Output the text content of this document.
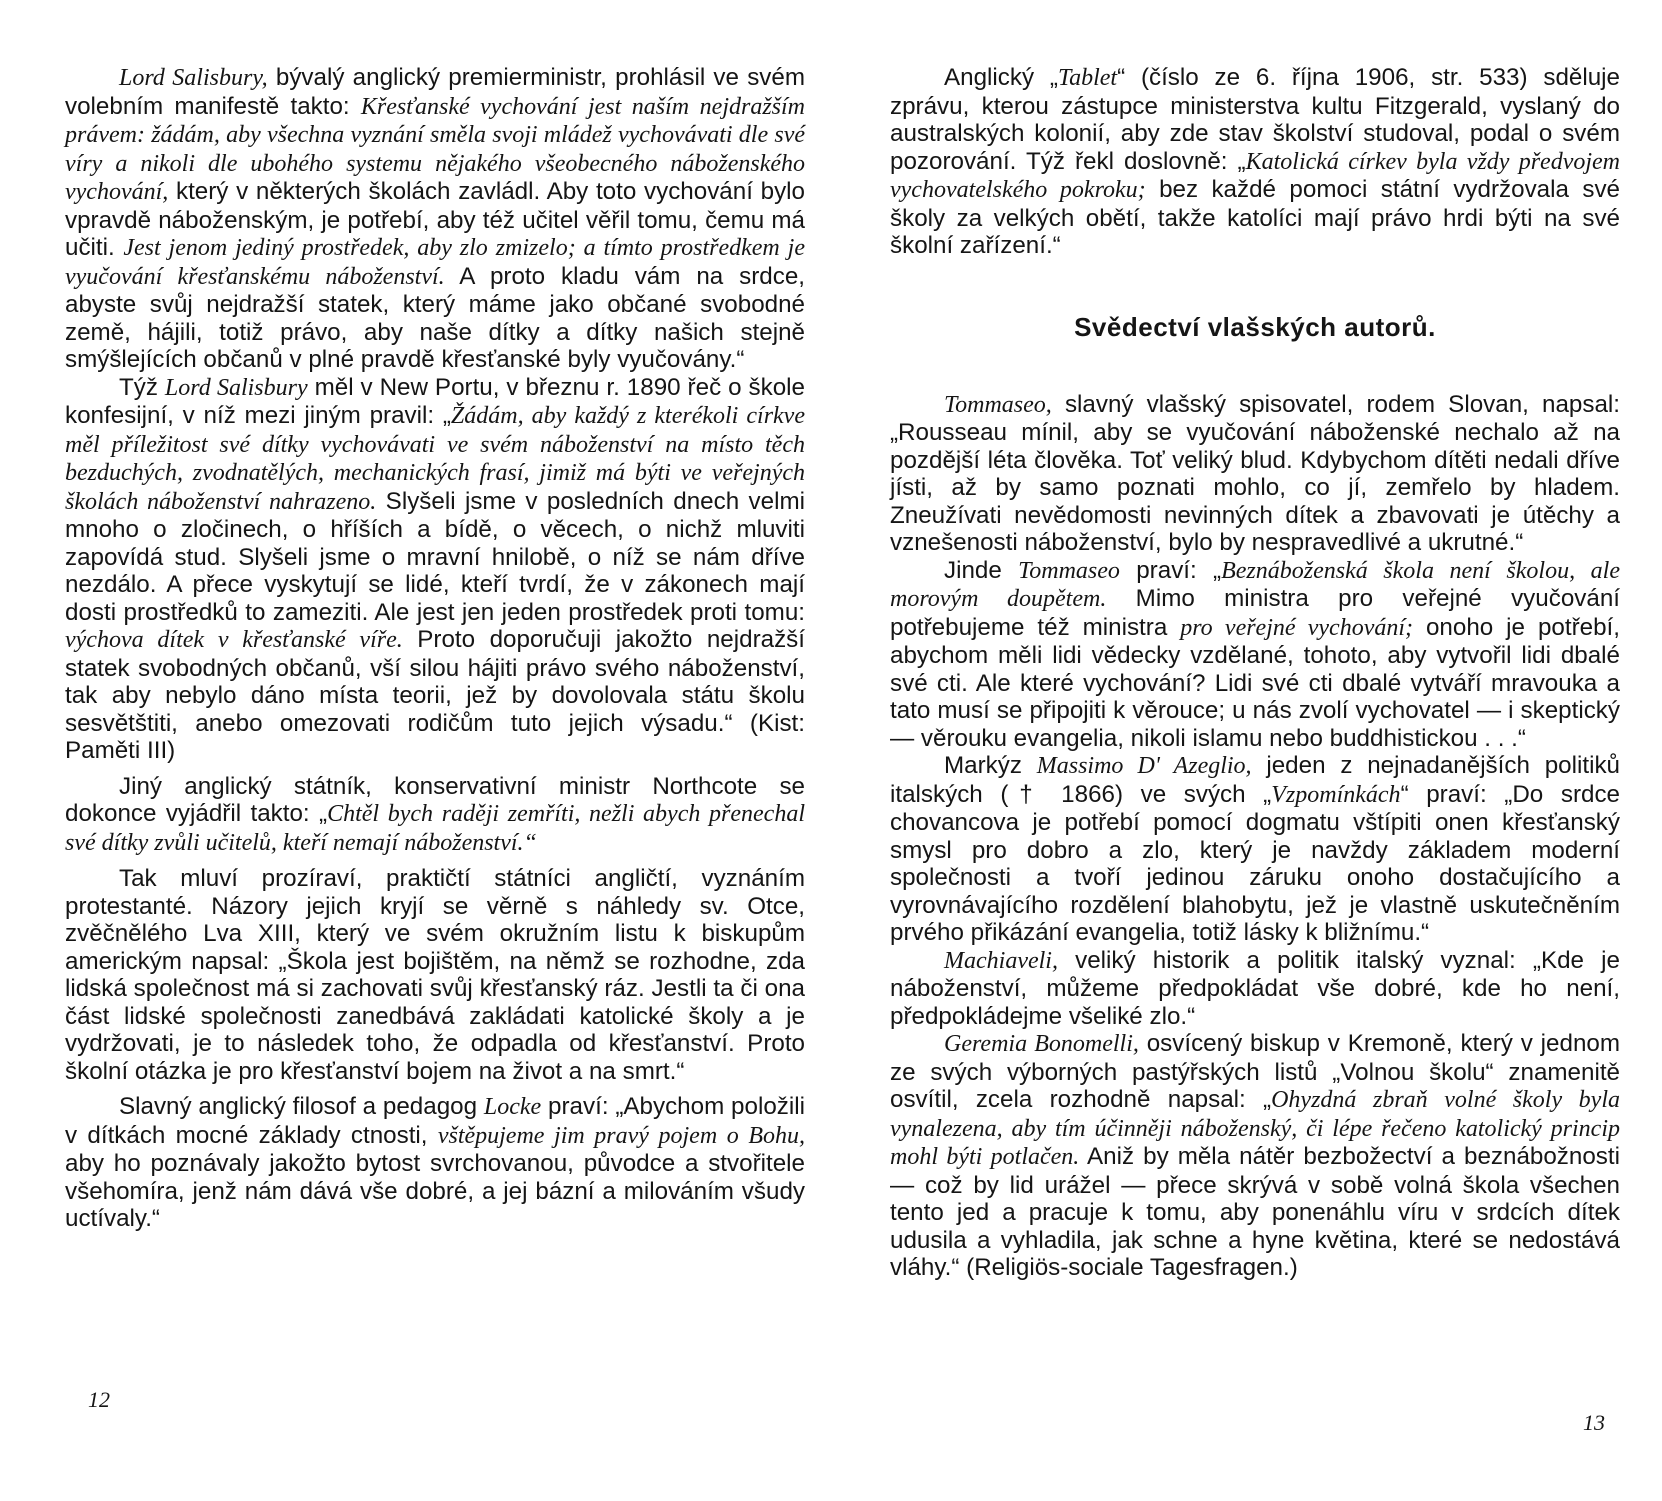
Lord Salisbury, bývalý anglický premierministr, prohlásil ve svém volebním manifestě takto: Křesťanské vychování jest naším nejdražším právem: žádám, aby všechna vyznání směla svoji mládež vychovávati dle své víry a nikoli dle ubohého systemu nějakého všeobecného náboženského vychování, který v některých školách zavládl. Aby toto vychování bylo vpravdě náboženským, je potřebí, aby též učitel věřil tomu, čemu má učiti. Jest jenom jediný prostředek, aby zlo zmizelo; a tímto prostředkem je vyučování křesťanskému náboženství. A proto kladu vám na srdce, abyste svůj nejdražší statek, který máme jako občané svobodné země, hájili, totiž právo, aby naše dítky a dítky našich stejně smýšlejících občanů v plné pravdě křesťanské byly vyučovány.“

Týž Lord Salisbury měl v New Portu, v březnu r. 1890 řeč o škole konfesijní, v níž mezi jiným pravil: „Žádám, aby každý z kterékoli církve měl příležitost své dítky vychovávati ve svém náboženství na místo těch bezduchých, zvodnatělých, mechanických frasí, jimiž má býti ve veřejných školách náboženství nahrazeno. Slyšeli jsme v posledních dnech velmi mnoho o zločinech, o hříších a bídě, o věcech, o nichž mluviti zapovídá stud. Slyšeli jsme o mravní hnilobě, o níž se nám dříve nezdálo. A přece vyskytují se lidé, kteří tvrdí, že v zákonech mají dosti prostředků to zameziti. Ale jest jen jeden prostředek proti tomu: výchova dítek v křesťanské víře. Proto doporučuji jakožto nejdražší statek svobodných občanů, vší silou hájiti právo svého náboženství, tak aby nebylo dáno místa teorii, jež by dovolovala státu školu sesvětštiti, anebo omezovati rodičům tuto jejich výsadu.“ (Kist: Paměti III)

Jiný anglický státník, konservativní ministr Northcote se dokonce vyjádřil takto: „Chtěl bych raději zemříti, nežli abych přenechal své dítky zvůli učitelů, kteří nemají náboženství.“

Tak mluví prozíraví, praktičtí státníci angličtí, vyznáním protestanté. Názory jejich kryjí se věrně s náhledy sv. Otce, zvěčnělého Lva XIII, který ve svém okružním listu k biskupům americkým napsal: „Škola jest bojištěm, na němž se rozhodne, zda lidská společnost má si zachovati svůj křesťanský ráz. Jestli ta či ona část lidské společnosti zanedbává zakládati katolické školy a je vydržovati, je to následek toho, že odpadla od křesťanství. Proto školní otázka je pro křesťanství bojem na život a na smrt.“

Slavný anglický filosof a pedagog Locke praví: „Abychom položili v dítkách mocné základy ctnosti, vštěpujeme jim pravý pojem o Bohu, aby ho poznávaly jakožto bytost svrchovanou, původce a stvořitele všehomíra, jenž nám dává vše dobré, a jej bázní a milováním všudy uctívaly.“

Anglický „Tablet“ (číslo ze 6. října 1906, str. 533) sděluje zprávu, kterou zástupce ministerstva kultu Fitzgerald, vyslaný do australských kolonií, aby zde stav školství studoval, podal o svém pozorování. Týž řekl doslovně: „Katolická církev byla vždy předvojem vychovatelského pokroku; bez každé pomoci státní vydržovala své školy za velkých obětí, takže katolíci mají právo hrdi býti na své školní zařízení.“

Svědectví vlašských autorů.

Tommaseo, slavný vlašský spisovatel, rodem Slovan, napsal: „Rousseau mínil, aby se vyučování náboženské nechalo až na pozdější léta člověka. Toť veliký blud. Kdybychom dítěti nedali dříve jísti, až by samo poznati mohlo, co jí, zemřelo by hladem. Zneužívati nevědomosti nevinných dítek a zbavovati je útěchy a vznešenosti náboženství, bylo by nespravedlivé a ukrutné.“

Jinde Tommaseo praví: „Beznáboženská škola není školou, ale morovým doupětem. Mimo ministra pro veřejné vyučování potřebujeme též ministra pro veřejné vychování; onoho je potřebí, abychom měli lidi vědecky vzdělané, tohoto, aby vytvořil lidi dbalé své cti. Ale které vychování? Lidi své cti dbalé vytváří mravouka a tato musí se připojiti k věrouce; u nás zvolí vychovatel — i skeptický — věrouku evangelia, nikoli islamu nebo buddhistickou . . .“

Markýz Massimo D' Azeglio, jeden z nejnadanějších politiků italských († 1866) ve svých „Vzpomínkách“ praví: „Do srdce chovancova je potřebí pomocí dogmatu vštípiti onen křesťanský smysl pro dobro a zlo, který je navždy základem moderní společnosti a tvoří jedinou záruku onoho dostačujícího a vyrovnávajícího rozdělení blahobytu, jež je vlastně uskutečněním prvého přikázání evangelia, totiž lásky k bližnímu.“

Machiaveli, veliký historik a politik italský vyznal: „Kde je náboženství, můžeme předpokládat vše dobré, kde ho není, předpokládejme všeliké zlo.“

Geremia Bonomelli, osvícený biskup v Kremoně, který v jednom ze svých výborných pastýřských listů „Volnou školu“ znamenitě osvítil, zcela rozhodně napsal: „Ohyzdná zbraň volné školy byla vynalezena, aby tím účinněji náboženský, či lépe řečeno katolický princip mohl býti potlačen. Aniž by měla nátěr bezbožectví a beznábožnosti — což by lid urážel — přece skrývá v sobě volná škola všechen tento jed a pracuje k tomu, aby ponenáhlu víru v srdcích dítek udusila a vyhladila, jak schne a hyne květina, které se nedostává vláhy.“ (Religiös-sociale Tagesfragen.)

12
13
